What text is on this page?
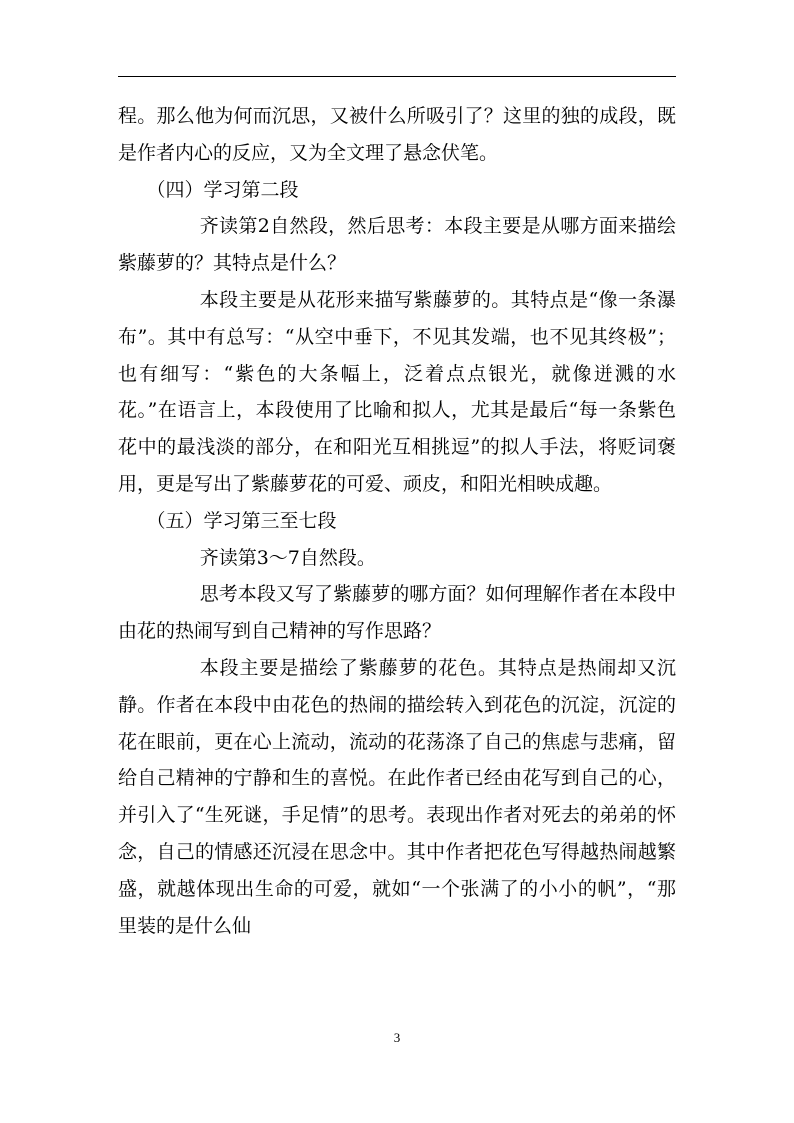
程。那么他为何而沉思，又被什么所吸引了？这里的独的成段，既是作者内心的反应，又为全文理了悬念伏笔。

（四）学习第二段

齐读第2自然段，然后思考：本段主要是从哪方面来描绘紫藤萝的？其特点是什么？

本段主要是从花形来描写紫藤萝的。其特点是“像一条瀑布”。其中有总写：“从空中垂下，不见其发端，也不见其终极”；也有细写：“紫色的大条幅上，泛着点点银光，就像迸溅的水花。”在语言上，本段使用了比喻和拟人，尤其是最后“每一条紫色花中的最浅淡的部分，在和阳光互相挑逗”的拟人手法，将贬词褒用，更是写出了紫藤萝花的可爱、顽皮，和阳光相映成趣。

（五）学习第三至七段

齐读第3～7自然段。

思考本段又写了紫藤萝的哪方面？如何理解作者在本段中由花的热闹写到自己精神的写作思路？

本段主要是描绘了紫藤萝的花色。其特点是热闹却又沉静。作者在本段中由花色的热闹的描绘转入到花色的沉淀，沉淀的花在眼前，更在心上流动，流动的花荡涤了自己的焦虑与悲痛，留给自己精神的宁静和生的喜悦。在此作者已经由花写到自己的心，并引入了“生死谜，手足情”的思考。表现出作者对死去的弟弟的怀念，自己的情感还沉浸在思念中。其中作者把花色写得越热闹越繁盛，就越体现出生命的可爱，就如“一个张满了的小小的帆”，“那里装的是什么仙

3
